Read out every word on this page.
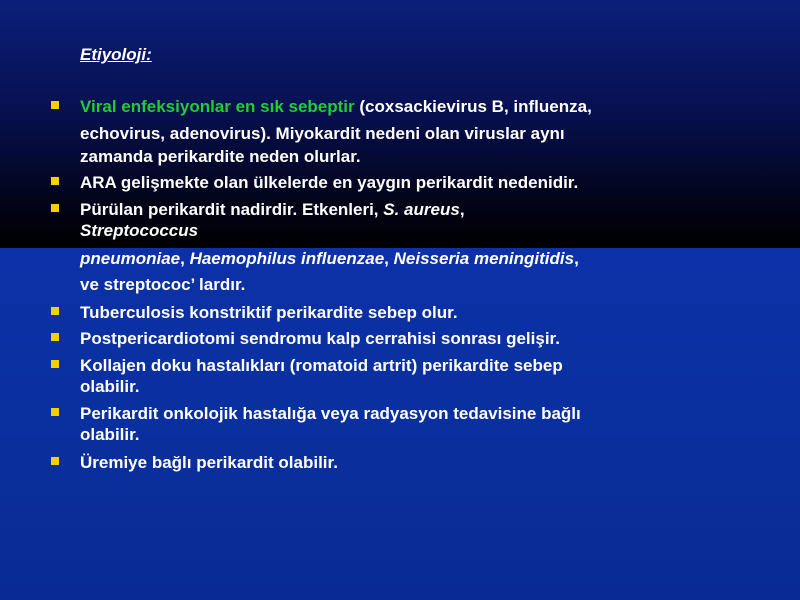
Etiyoloji:
Viral enfeksiyonlar en sık sebeptir (coxsackievirus B, influenza,
echovirus, adenovirus). Miyokardit nedeni olan viruslar aynı
zamanda perikardite neden olurlar.
ARA gelişmekte olan ülkelerde en yaygın perikardit nedenidir.
Pürülan perikardit nadirdir. Etkenleri, S. aureus,
Streptococcus
pneumoniae, Haemophilus influenzae, Neisseria meningitidis,
ve streptococ’ lardır.
Tuberculosis konstriktif perikardite sebep olur.
Postpericardiotomi sendromu kalp cerrahisi sonrası gelişir.
Kollajen doku hastalıkları (romatoid artrit) perikardite sebep
olabilir.
Perikardit onkolojik hastalığa veya radyasyon tedavisine bağlı
olabilir.
Üremiye bağlı perikardit olabilir.
